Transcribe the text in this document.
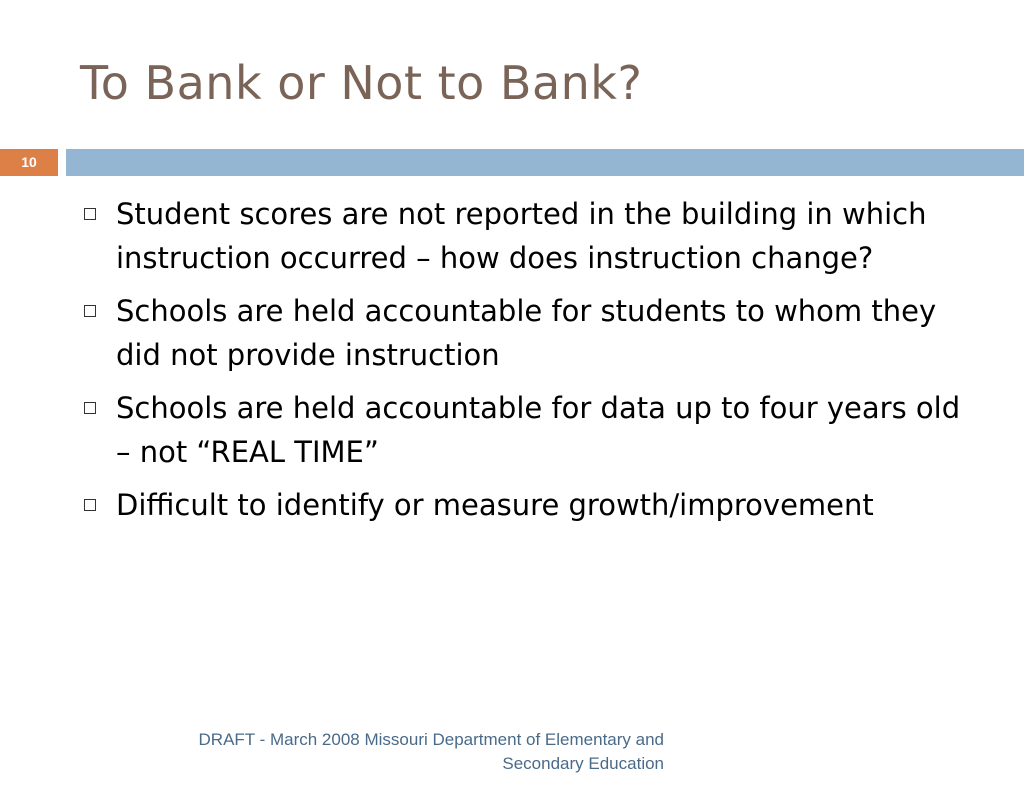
To Bank or Not to Bank?
10
Student scores are not reported in the building in which instruction occurred – how does instruction change?
Schools are held accountable for students to whom they did not provide instruction
Schools are held accountable for data up to four years old – not “REAL TIME”
Difficult to identify or measure growth/improvement
DRAFT - March 2008 Missouri Department of Elementary and
Secondary Education
